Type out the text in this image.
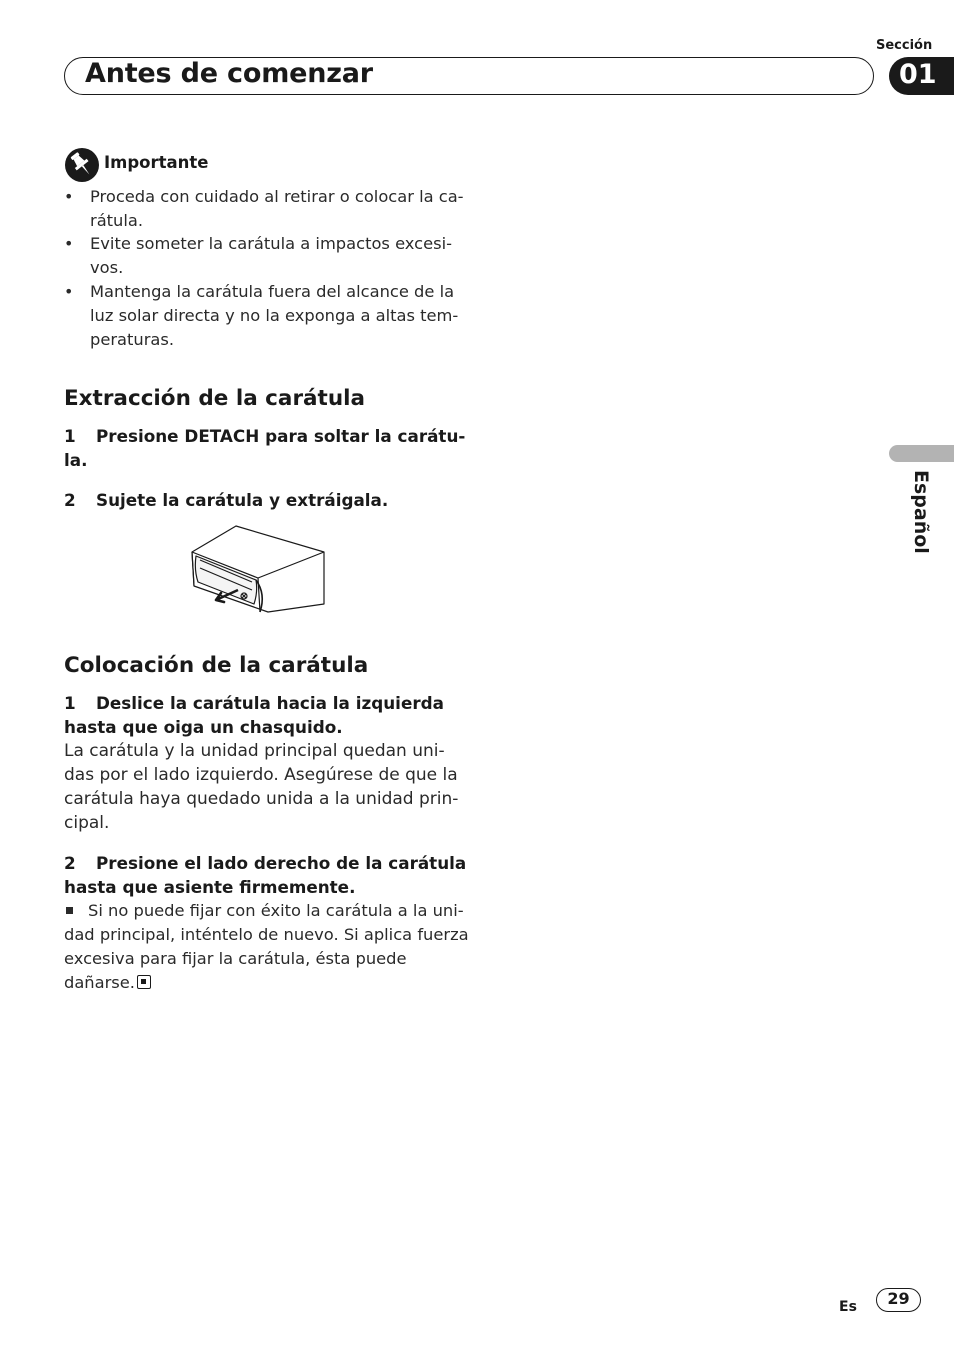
Sección
Antes de comenzar	01
Español
Importante
• Proceda con cuidado al retirar o colocar la ca-
rátula.
• Evite someter la carátula a impactos excesi-
vos.
• Mantenga la carátula fuera del alcance de la
luz solar directa y no la exponga a altas tem-
peraturas.
Extracción de la carátula
1 Presione DETACH para soltar la carátu-
la.
2 Sujete la carátula y extráigala.
Colocación de la carátula
1 Deslice la carátula hacia la izquierda
hasta que oiga un chasquido.
La carátula y la unidad principal quedan uni-
das por el lado izquierdo. Asegúrese de que la
carátula haya quedado unida a la unidad prin-
cipal.
2 Presione el lado derecho de la carátula
hasta que asiente firmemente.
Si no puede fijar con éxito la carátula a la uni-
dad principal, inténtelo de nuevo. Si aplica fuerza
excesiva para fijar la carátula, ésta puede
dañarse.
Es	29
